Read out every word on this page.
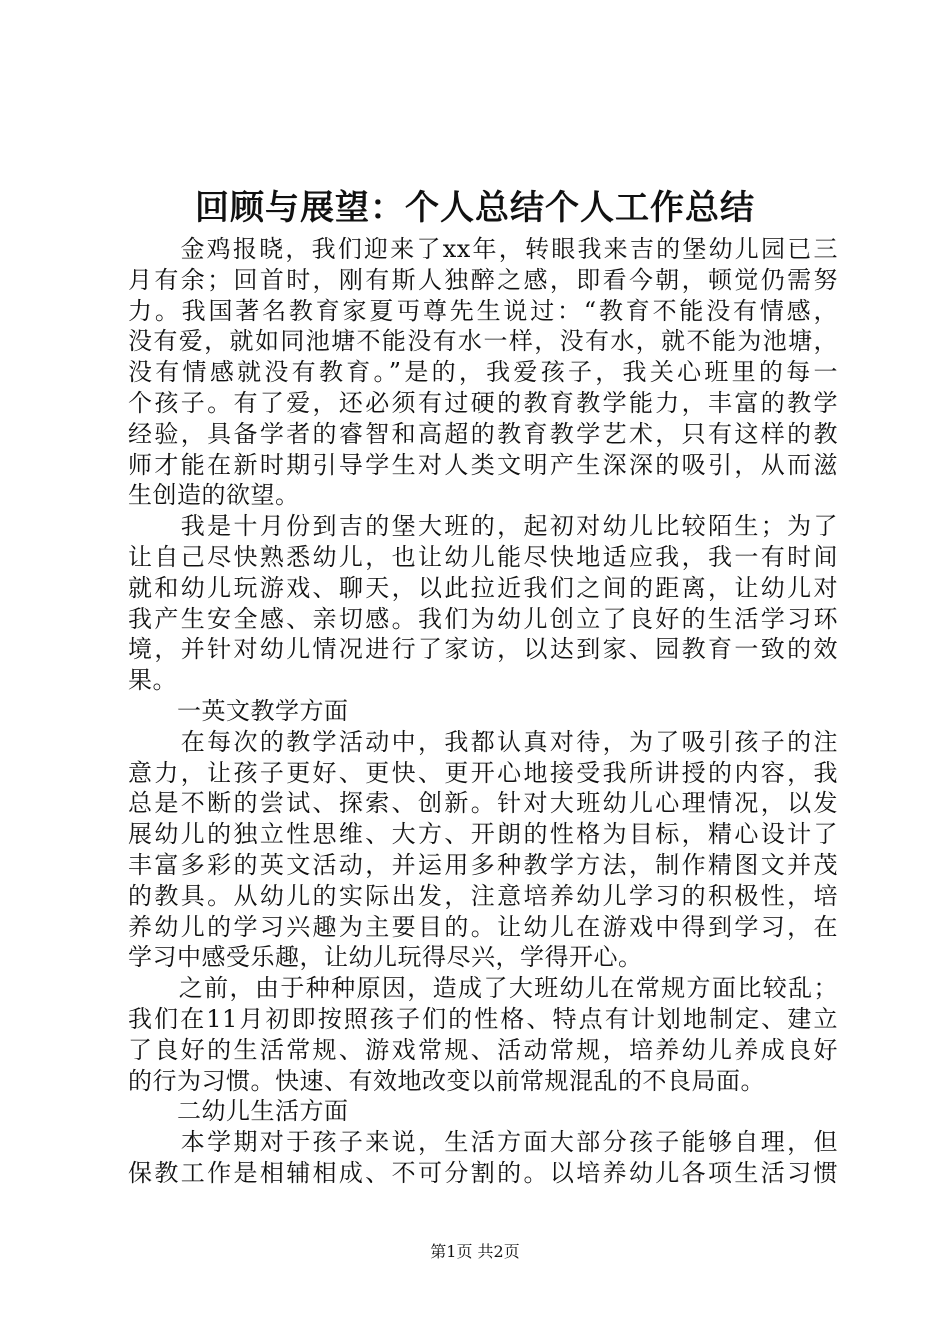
回顾与展望：个人总结个人工作总结
　　金鸡报晓，我们迎来了xx年，转眼我来吉的堡幼儿园已三
月有余；回首时，刚有斯人独醉之感，即看今朝，顿觉仍需努
力。我国著名教育家夏丏尊先生说过：“教育不能没有情感，
没有爱，就如同池塘不能没有水一样，没有水，就不能为池塘，
没有情感就没有教育。”是的，我爱孩子，我关心班里的每一
个孩子。有了爱，还必须有过硬的教育教学能力，丰富的教学
经验，具备学者的睿智和高超的教育教学艺术，只有这样的教
师才能在新时期引导学生对人类文明产生深深的吸引，从而滋
生创造的欲望。
　　我是十月份到吉的堡大班的，起初对幼儿比较陌生；为了
让自己尽快熟悉幼儿，也让幼儿能尽快地适应我，我一有时间
就和幼儿玩游戏、聊天，以此拉近我们之间的距离，让幼儿对
我产生安全感、亲切感。我们为幼儿创立了良好的生活学习环
境，并针对幼儿情况进行了家访，以达到家、园教育一致的效
果。
　　一英文教学方面
　　在每次的教学活动中，我都认真对待，为了吸引孩子的注
意力，让孩子更好、更快、更开心地接受我所讲授的内容，我
总是不断的尝试、探索、创新。针对大班幼儿心理情况，以发
展幼儿的独立性思维、大方、开朗的性格为目标，精心设计了
丰富多彩的英文活动，并运用多种教学方法，制作精图文并茂
的教具。从幼儿的实际出发，注意培养幼儿学习的积极性，培
养幼儿的学习兴趣为主要目的。让幼儿在游戏中得到学习，在
学习中感受乐趣，让幼儿玩得尽兴，学得开心。
　　之前，由于种种原因，造成了大班幼儿在常规方面比较乱；
我们在11月初即按照孩子们的性格、特点有计划地制定、建立
了良好的生活常规、游戏常规、活动常规，培养幼儿养成良好
的行为习惯。快速、有效地改变以前常规混乱的不良局面。
　　二幼儿生活方面
　　本学期对于孩子来说，生活方面大部分孩子能够自理，但
保教工作是相辅相成、不可分割的。以培养幼儿各项生活习惯
第1页 共2页
